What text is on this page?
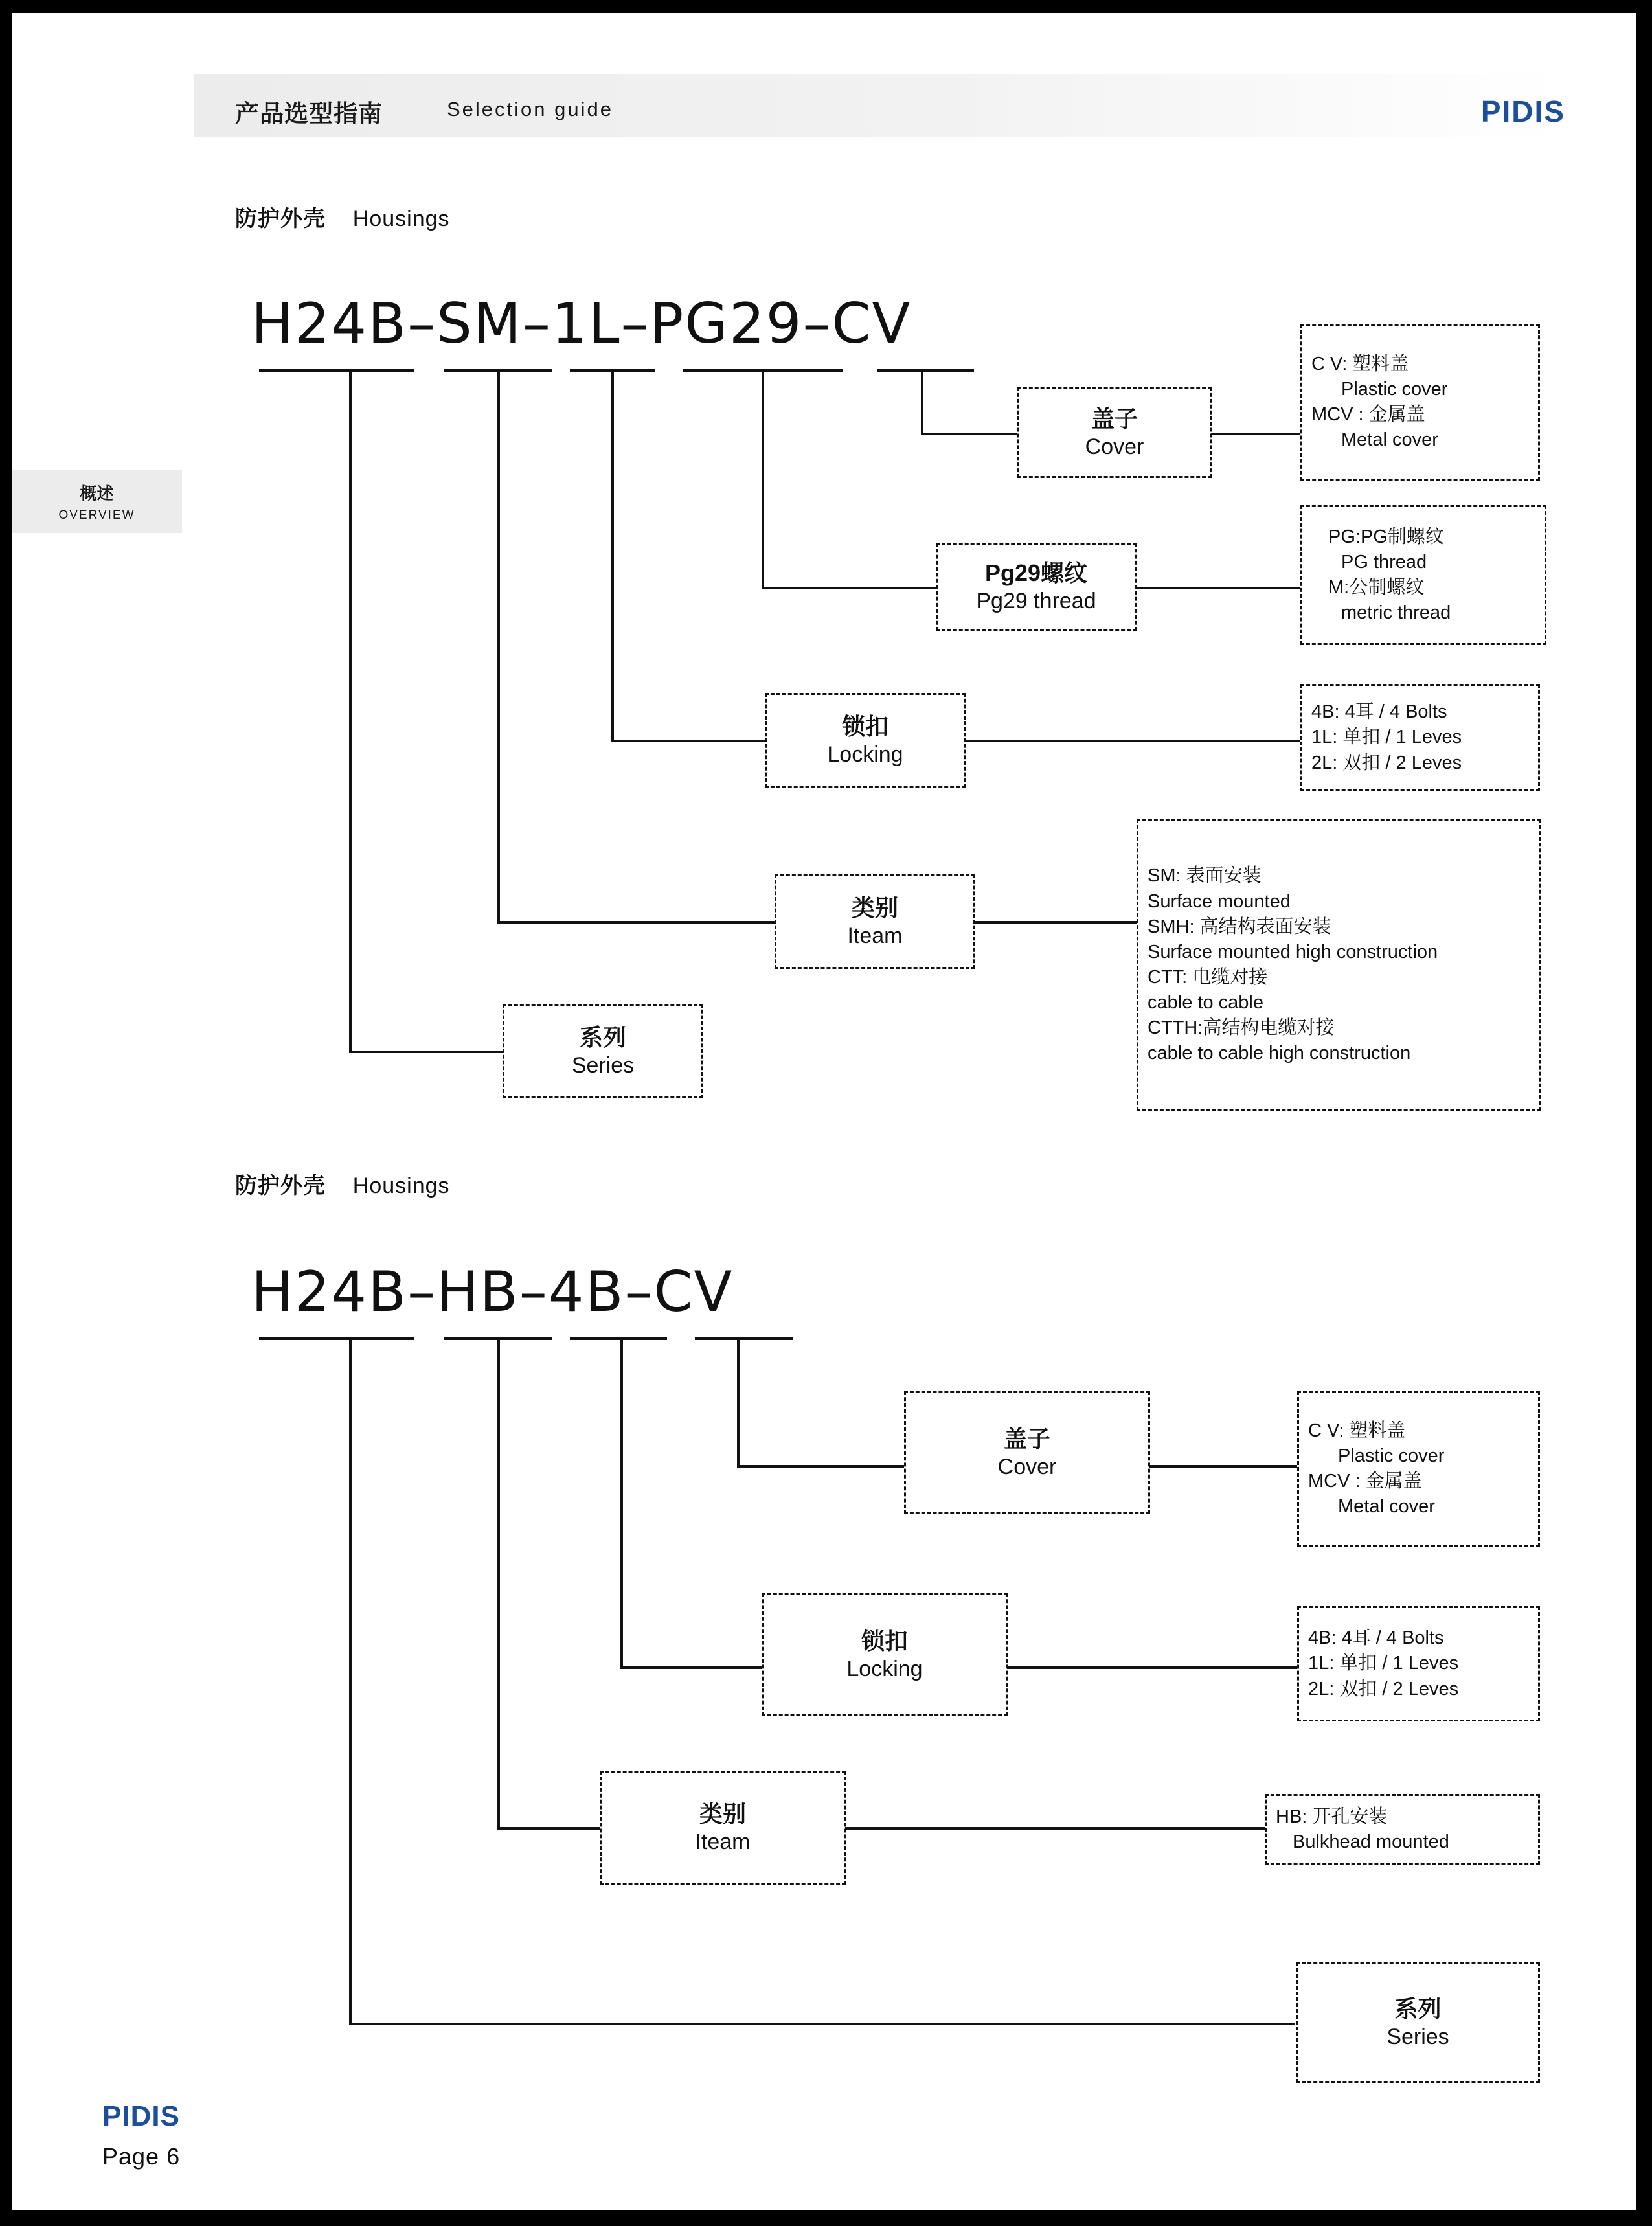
产品选型指南	Selection guide	PIDIS
概述
OVERVIEW
防护外壳 Housings
H24B–SM–1L–PG29–CV
盖子
Cover
C V: 塑料盖
Plastic cover
MCV : 金属盖
Metal cover
Pg29螺纹
Pg29 thread
PG:PG制螺纹
PG thread
M:公制螺纹
metric thread
锁扣
Locking
4B: 4耳 / 4 Bolts
1L: 单扣 / 1 Leves
2L: 双扣 / 2 Leves
类别
Iteam
SM: 表面安装
Surface mounted
SMH: 高结构表面安装
Surface mounted high construction
CTT: 电缆对接
cable to cable
CTTH:高结构电缆对接
cable to cable high construction
系列
Series
防护外壳 Housings
H24B–HB–4B–CV
盖子
Cover
C V: 塑料盖
Plastic cover
MCV : 金属盖
Metal cover
锁扣
Locking
4B: 4耳 / 4 Bolts
1L: 单扣 / 1 Leves
2L: 双扣 / 2 Leves
类别
Iteam
HB: 开孔安装
Bulkhead mounted
系列
Series
PIDIS
Page 6
